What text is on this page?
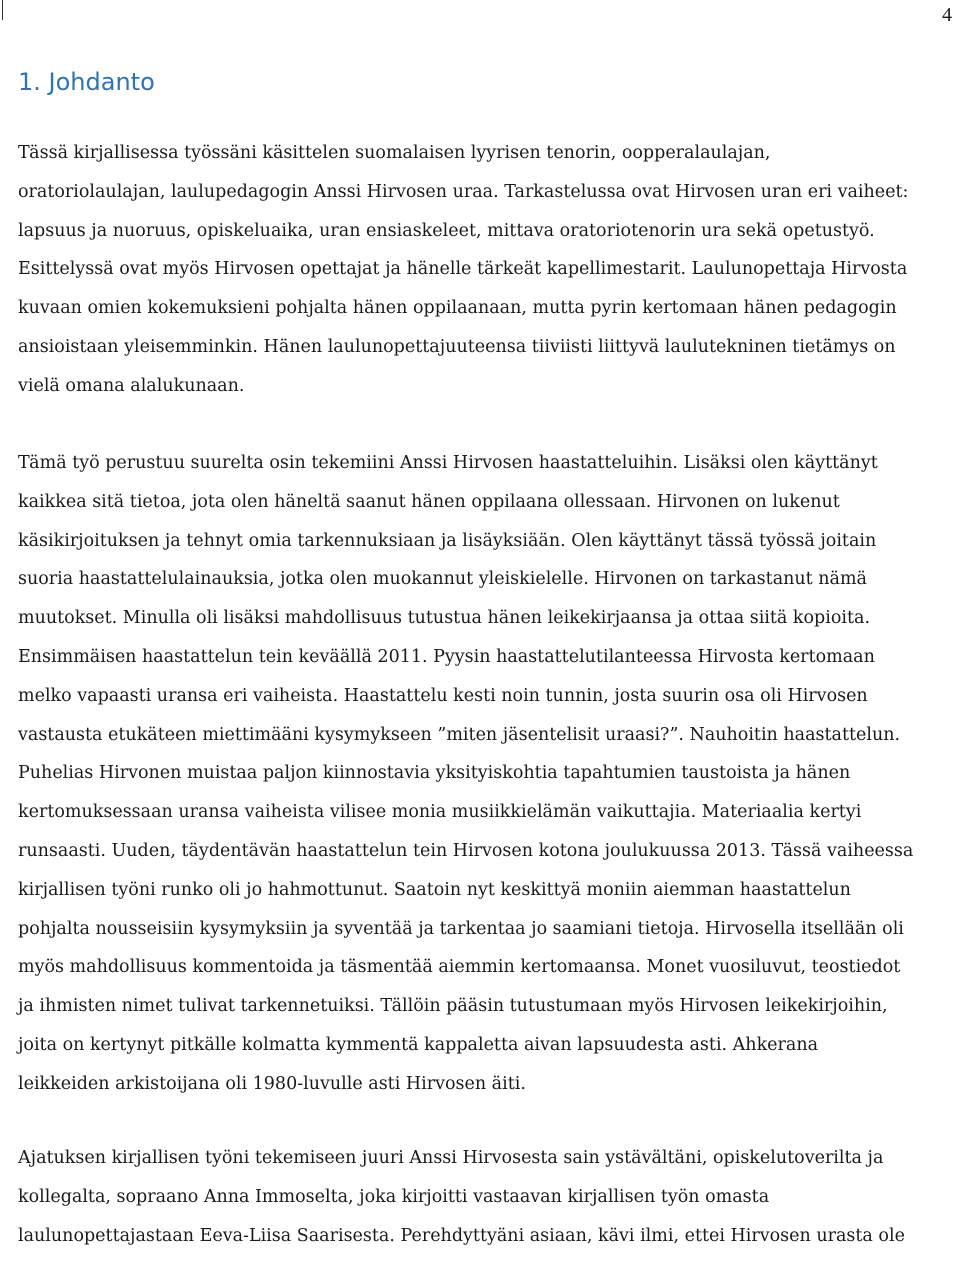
4
1. Johdanto
Tässä kirjallisessa työssäni käsittelen suomalaisen lyyrisen tenorin, oopperalaulajan,
oratoriolaulajan, laulupedagogin Anssi Hirvosen uraa. Tarkastelussa ovat Hirvosen uran eri vaiheet:
lapsuus ja nuoruus, opiskeluaika, uran ensiaskeleet, mittava oratoriotenorin ura sekä opetustyö.
Esittelyssä ovat myös Hirvosen opettajat ja hänelle tärkeät kapellimestarit. Laulunopettaja Hirvosta
kuvaan omien kokemuksieni pohjalta hänen oppilaanaan, mutta pyrin kertomaan hänen pedagogin
ansioistaan yleisemminkin. Hänen laulunopettajuuteensa tiiviisti liittyvä laulutekninen tietämys on
vielä omana alalukunaan.
Tämä työ perustuu suurelta osin tekemiini Anssi Hirvosen haastatteluihin. Lisäksi olen käyttänyt
kaikkea sitä tietoa, jota olen häneltä saanut hänen oppilaana ollessaan. Hirvonen on lukenut
käsikirjoituksen ja tehnyt omia tarkennuksiaan ja lisäyksiään. Olen käyttänyt tässä työssä joitain
suoria haastattelulainauksia, jotka olen muokannut yleiskielelle. Hirvonen on tarkastanut nämä
muutokset. Minulla oli lisäksi mahdollisuus tutustua hänen leikekirjaansa ja ottaa siitä kopioita.
Ensimmäisen haastattelun tein keväällä 2011. Pyysin haastattelutilanteessa Hirvosta kertomaan
melko vapaasti uransa eri vaiheista. Haastattelu kesti noin tunnin, josta suurin osa oli Hirvosen
vastausta etukäteen miettimääni kysymykseen ”miten jäsentelisit uraasi?”. Nauhoitin haastattelun.
Puhelias Hirvonen muistaa paljon kiinnostavia yksityiskohtia tapahtumien taustoista ja hänen
kertomuksessaan uransa vaiheista vilisee monia musiikkielämän vaikuttajia. Materiaalia kertyi
runsaasti. Uuden, täydentävän haastattelun tein Hirvosen kotona joulukuussa 2013. Tässä vaiheessa
kirjallisen työni runko oli jo hahmottunut. Saatoin nyt keskittyä moniin aiemman haastattelun
pohjalta nousseisiin kysymyksiin ja syventää ja tarkentaa jo saamiani tietoja. Hirvosella itsellään oli
myös mahdollisuus kommentoida ja täsmentää aiemmin kertomaansa. Monet vuosiluvut, teostiedot
ja ihmisten nimet tulivat tarkennetuiksi. Tällöin pääsin tutustumaan myös Hirvosen leikekirjoihin,
joita on kertynyt pitkälle kolmatta kymmentä kappaletta aivan lapsuudesta asti. Ahkerana
leikkeiden arkistoijana oli 1980-luvulle asti Hirvosen äiti.
Ajatuksen kirjallisen työni tekemiseen juuri Anssi Hirvosesta sain ystävältäni, opiskelutoverilta ja
kollegalta, sopraano Anna Immoselta, joka kirjoitti vastaavan kirjallisen työn omasta
laulunopettajastaan Eeva-Liisa Saarisesta. Perehdyttyäni asiaan, kävi ilmi, ettei Hirvosen urasta ole
